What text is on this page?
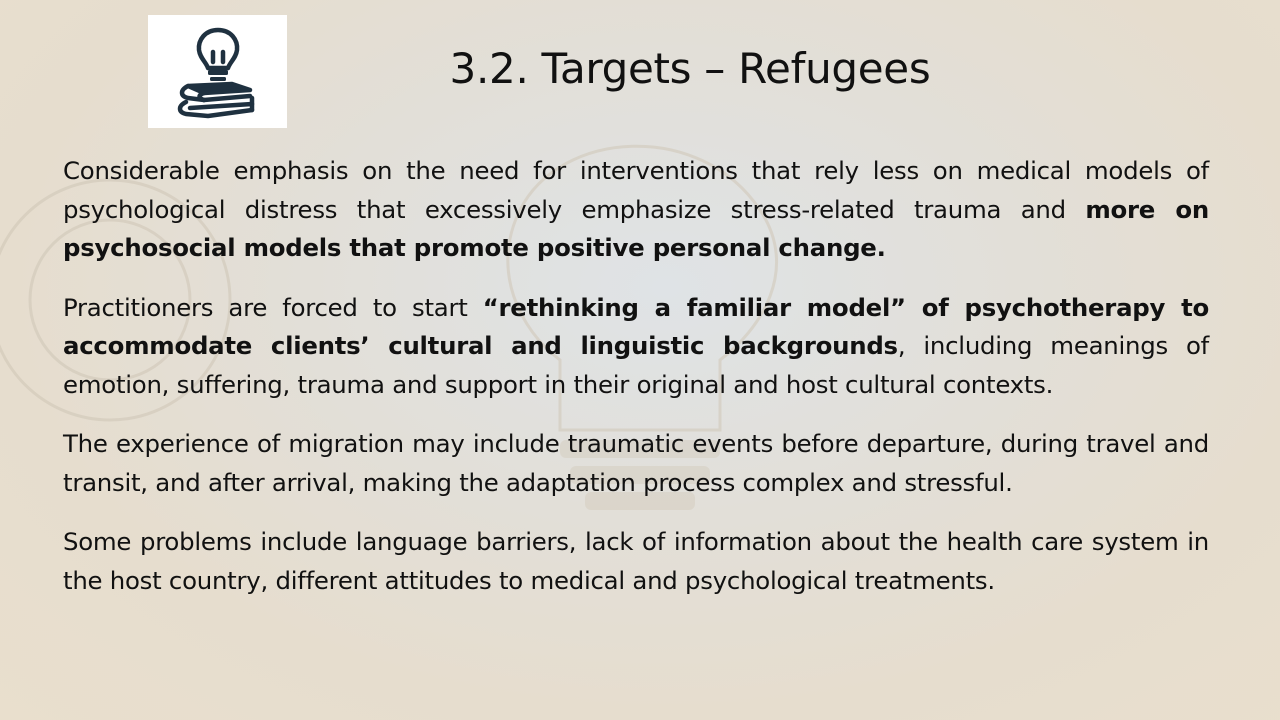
3.2. Targets – Refugees

Considerable emphasis on the need for interventions that rely less on medical models of psychological distress that excessively emphasize stress-related trauma and more on psychosocial models that promote positive personal change.

Practitioners are forced to start “rethinking a familiar model” of psychotherapy to accommodate clients’ cultural and linguistic backgrounds, including meanings of emotion, suffering, trauma and support in their original and host cultural contexts.

The experience of migration may include traumatic events before departure, during travel and transit, and after arrival, making the adaptation process complex and stressful.

Some problems include language barriers, lack of information about the health care system in the host country, different attitudes to medical and psychological treatments.
